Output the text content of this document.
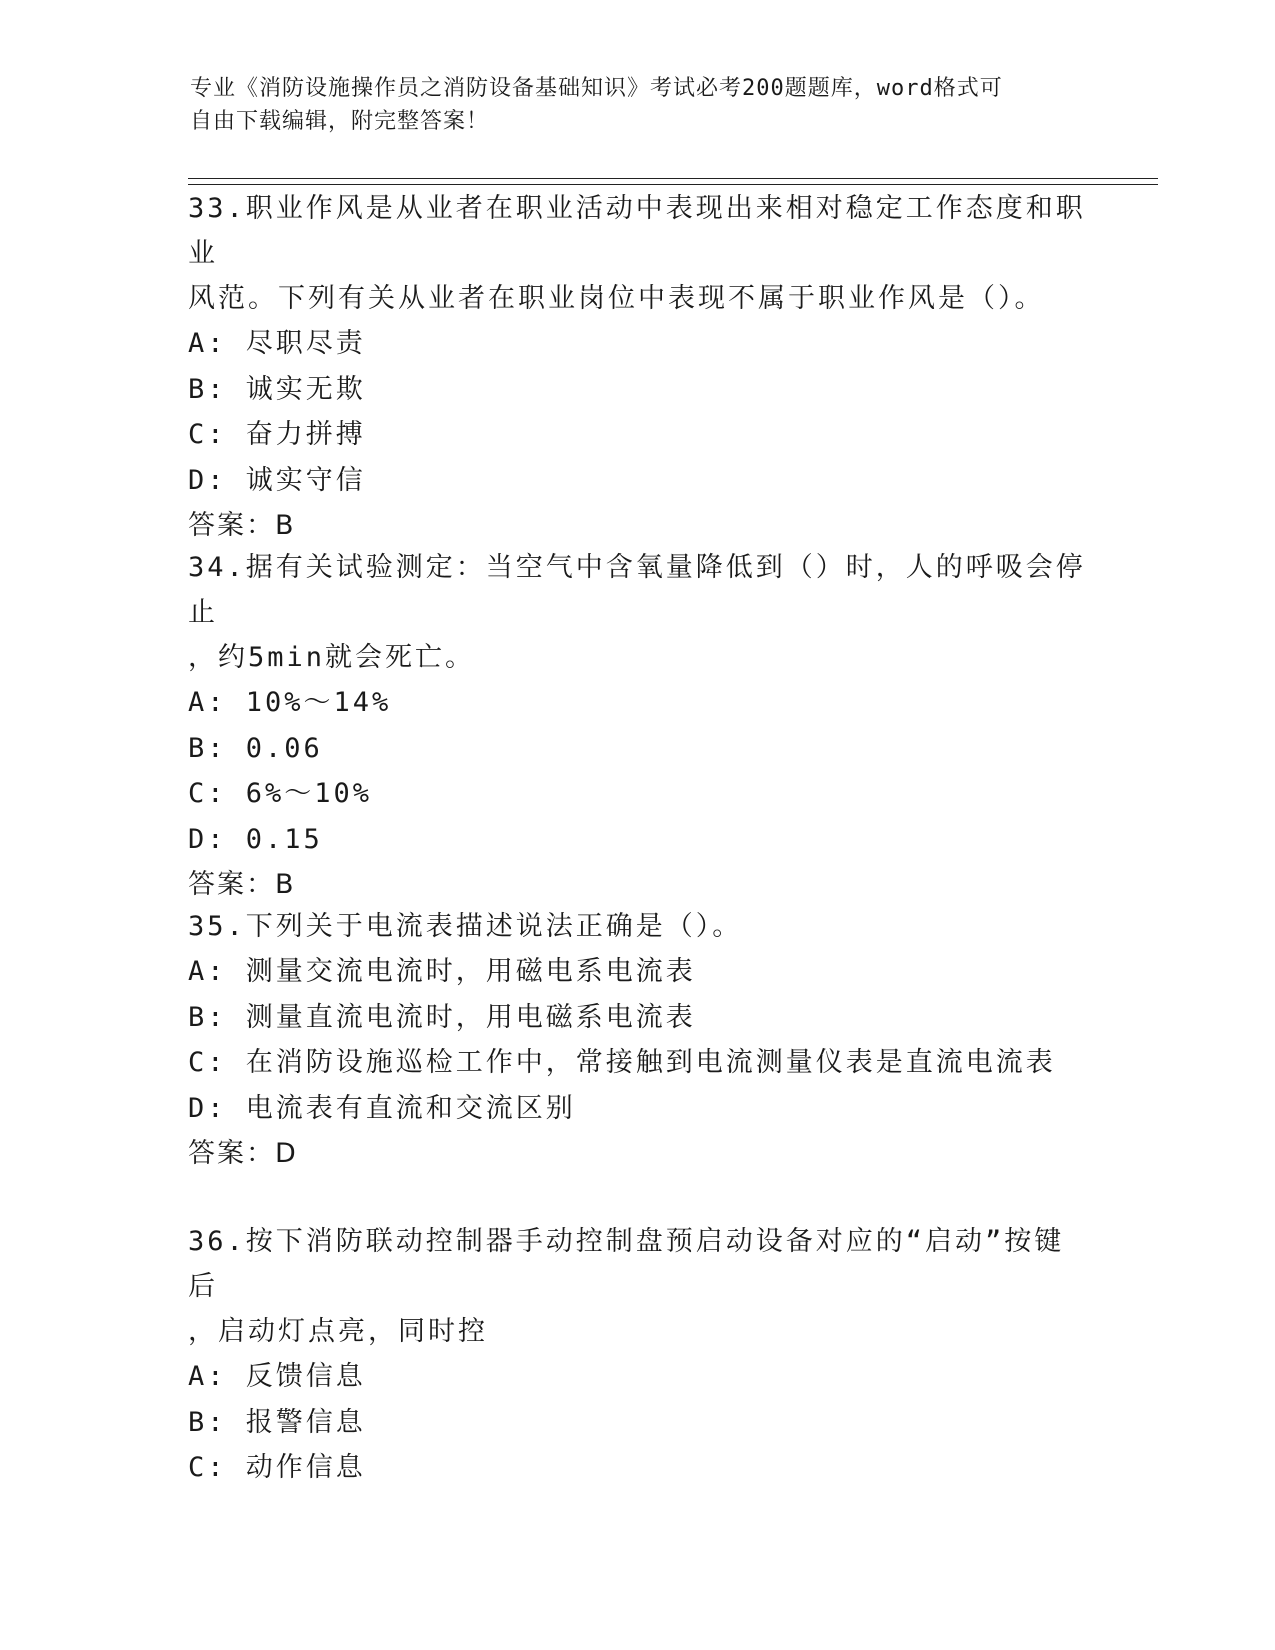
专业《消防设施操作员之消防设备基础知识》考试必考200题题库，word格式可
自由下载编辑，附完整答案！

33.职业作风是从业者在职业活动中表现出来相对稳定工作态度和职业

风范。下列有关从业者在职业岗位中表现不属于职业作风是（）。

A: 尽职尽责

B: 诚实无欺

C: 奋力拼搏

D: 诚实守信

答案：B

34.据有关试验测定：当空气中含氧量降低到（）时，人的呼吸会停止

，约5min就会死亡。

A: 10%～14%

B: 0.06

C: 6%～10%

D: 0.15

答案：B

35.下列关于电流表描述说法正确是（）。

A: 测量交流电流时，用磁电系电流表

B: 测量直流电流时，用电磁系电流表

C: 在消防设施巡检工作中，常接触到电流测量仪表是直流电流表

D: 电流表有直流和交流区别

答案：D

36.按下消防联动控制器手动控制盘预启动设备对应的“启动”按键后

，启动灯点亮，同时控

A: 反馈信息

B: 报警信息

C: 动作信息
